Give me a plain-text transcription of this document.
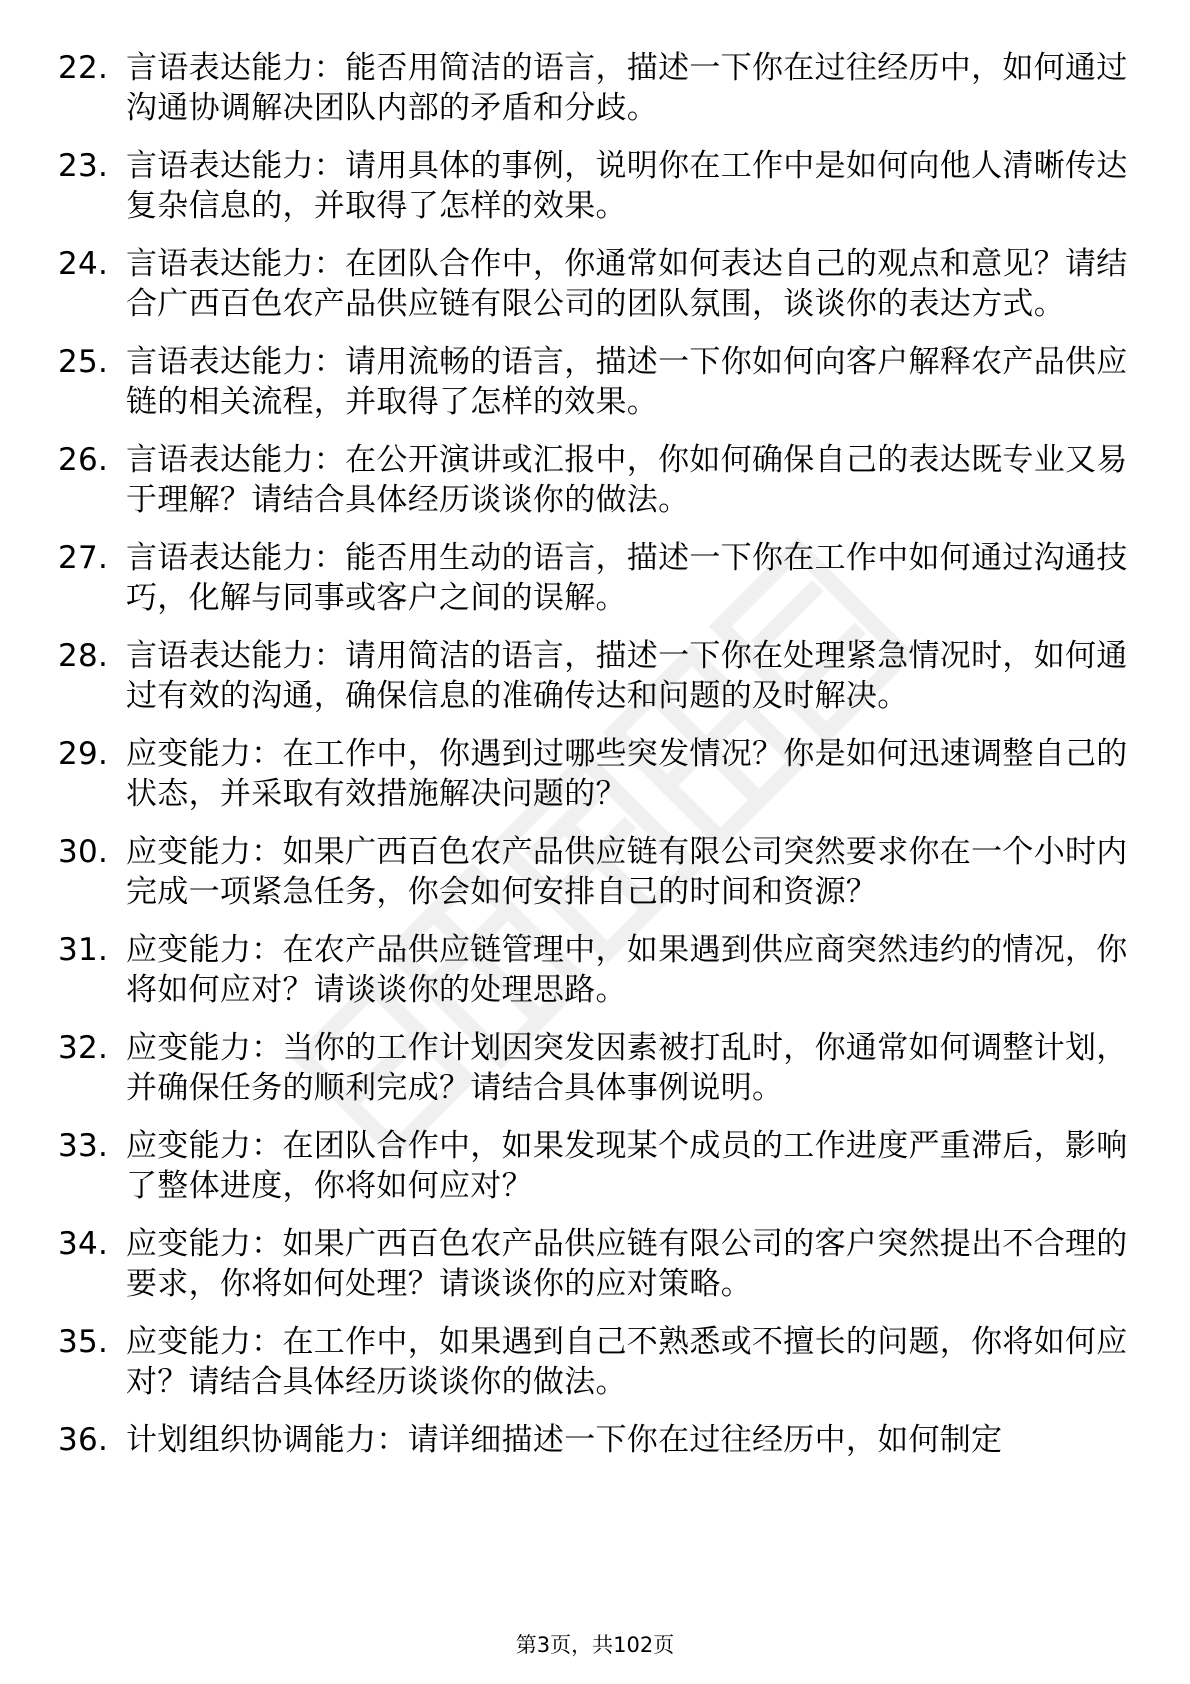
22. 言语表达能力：能否用简洁的语言，描述一下你在过往经历中，如何通过沟通协调解决团队内部的矛盾和分歧。
23. 言语表达能力：请用具体的事例，说明你在工作中是如何向他人清晰传达复杂信息的，并取得了怎样的效果。
24. 言语表达能力：在团队合作中，你通常如何表达自己的观点和意见？请结合广西百色农产品供应链有限公司的团队氛围，谈谈你的表达方式。
25. 言语表达能力：请用流畅的语言，描述一下你如何向客户解释农产品供应链的相关流程，并取得了怎样的效果。
26. 言语表达能力：在公开演讲或汇报中，你如何确保自己的表达既专业又易于理解？请结合具体经历谈谈你的做法。
27. 言语表达能力：能否用生动的语言，描述一下你在工作中如何通过沟通技巧，化解与同事或客户之间的误解。
28. 言语表达能力：请用简洁的语言，描述一下你在处理紧急情况时，如何通过有效的沟通，确保信息的准确传达和问题的及时解决。
29. 应变能力：在工作中，你遇到过哪些突发情况？你是如何迅速调整自己的状态，并采取有效措施解决问题的？
30. 应变能力：如果广西百色农产品供应链有限公司突然要求你在一个小时内完成一项紧急任务，你会如何安排自己的时间和资源？
31. 应变能力：在农产品供应链管理中，如果遇到供应商突然违约的情况，你将如何应对？请谈谈你的处理思路。
32. 应变能力：当你的工作计划因突发因素被打乱时，你通常如何调整计划，并确保任务的顺利完成？请结合具体事例说明。
33. 应变能力：在团队合作中，如果发现某个成员的工作进度严重滞后，影响了整体进度，你将如何应对？
34. 应变能力：如果广西百色农产品供应链有限公司的客户突然提出不合理的要求，你将如何处理？请谈谈你的应对策略。
35. 应变能力：在工作中，如果遇到自己不熟悉或不擅长的问题，你将如何应对？请结合具体经历谈谈你的做法。
36. 计划组织协调能力：请详细描述一下你在过往经历中，如何制定
第3页，共102页
